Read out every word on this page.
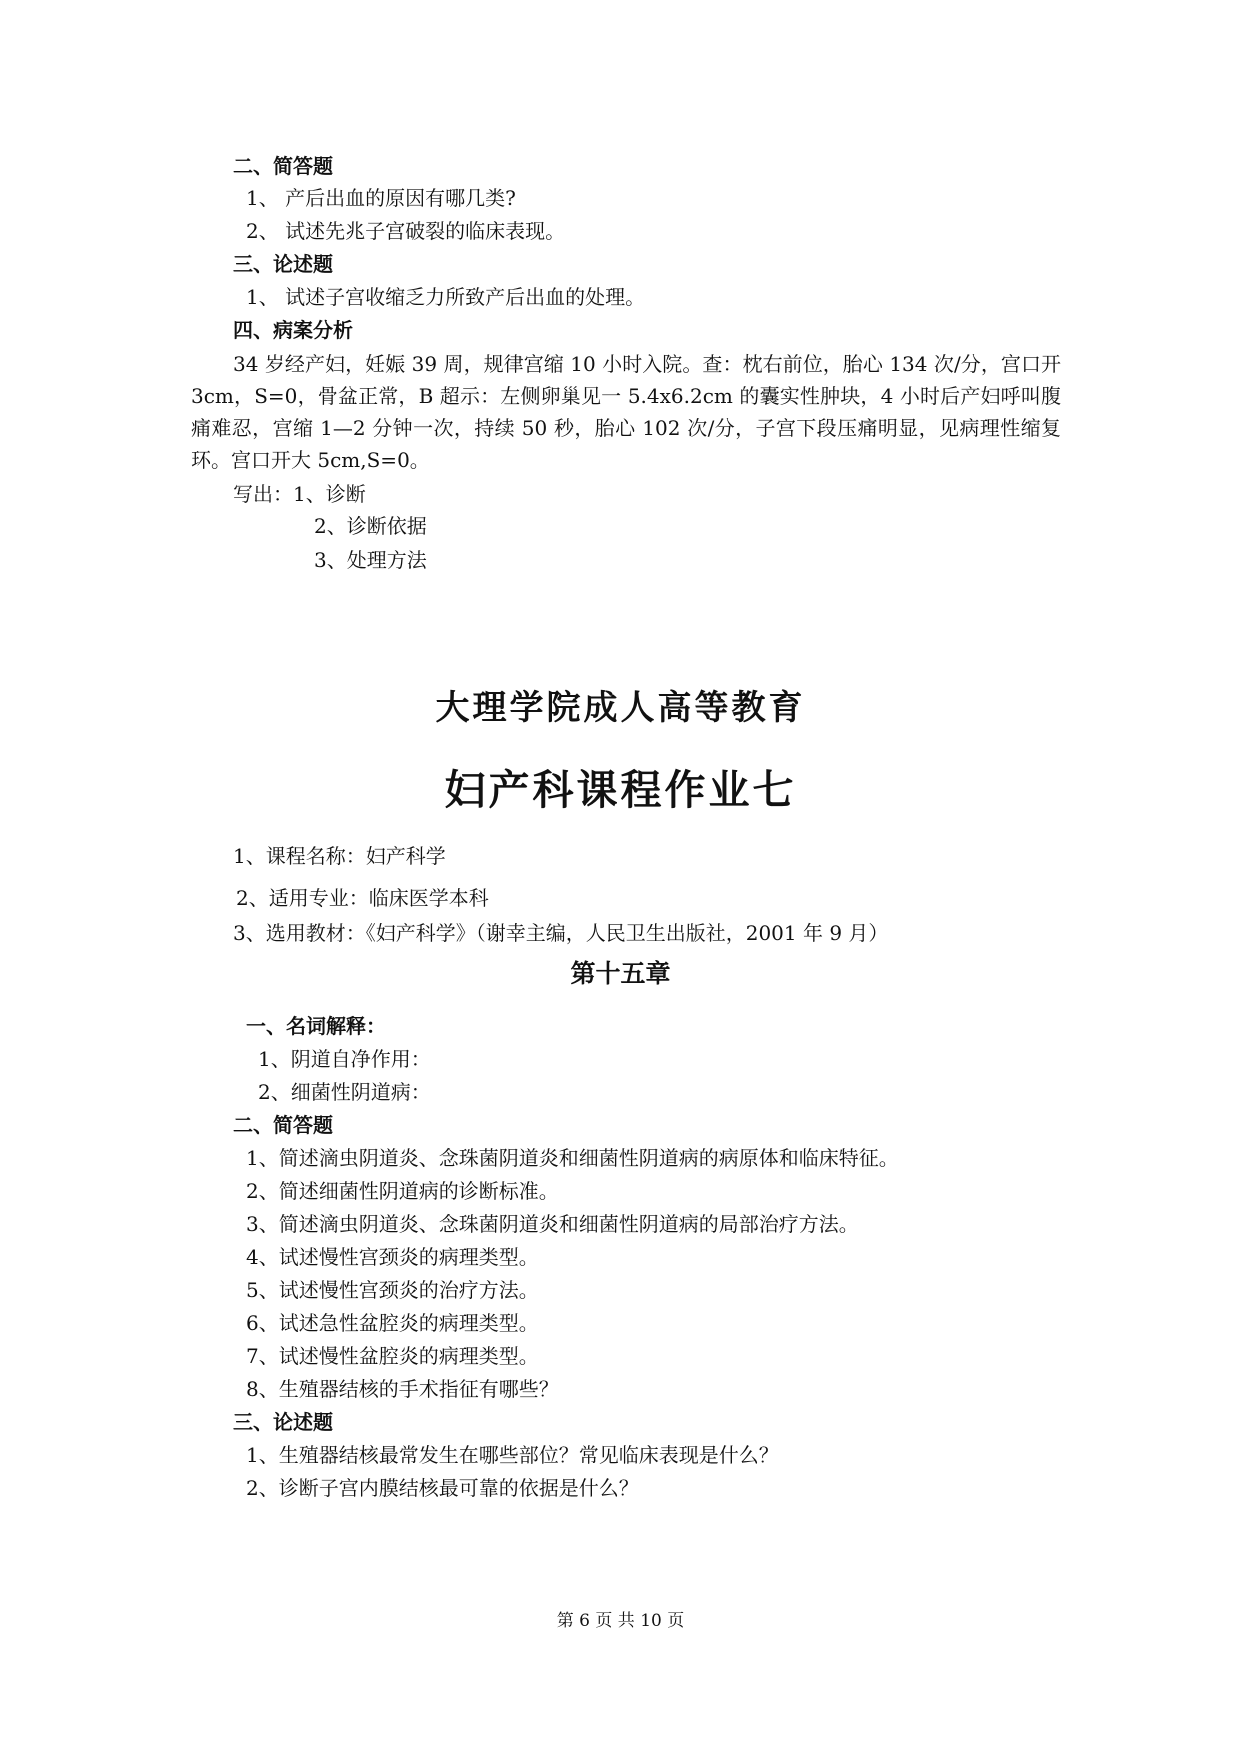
二、简答题
1、 产后出血的原因有哪几类?
2、 试述先兆子宫破裂的临床表现。
三、论述题
1、 试述子宫收缩乏力所致产后出血的处理。
四、病案分析

34 岁经产妇，妊娠 39 周，规律宫缩 10 小时入院。查：枕右前位，胎心 134 次/分，宫口开 3cm，S=0，骨盆正常，B 超示：左侧卵巢见一 5.4x6.2cm 的囊实性肿块，4 小时后产妇呼叫腹痛难忍，宫缩 1—2 分钟一次，持续 50 秒，胎心 102 次/分，子宫下段压痛明显，见病理性缩复环。宫口开大 5cm,S=0。

写出：1、诊断
2、诊断依据
3、处理方法
大理学院成人高等教育
妇产科课程作业七
1、课程名称：妇产科学
2、适用专业：临床医学本科
3、选用教材：《妇产科学》（谢幸主编，人民卫生出版社，2001 年 9 月）
第十五章
一、名词解释：
1、阴道自净作用：
2、细菌性阴道病：
二、简答题
1、简述滴虫阴道炎、念珠菌阴道炎和细菌性阴道病的病原体和临床特征。
2、简述细菌性阴道病的诊断标准。
3、简述滴虫阴道炎、念珠菌阴道炎和细菌性阴道病的局部治疗方法。
4、试述慢性宫颈炎的病理类型。
5、试述慢性宫颈炎的治疗方法。
6、试述急性盆腔炎的病理类型。
7、试述慢性盆腔炎的病理类型。
8、生殖器结核的手术指征有哪些？
三、论述题
1、生殖器结核最常发生在哪些部位？常见临床表现是什么？
2、诊断子宫内膜结核最可靠的依据是什么？
第 6 页 共 10 页
